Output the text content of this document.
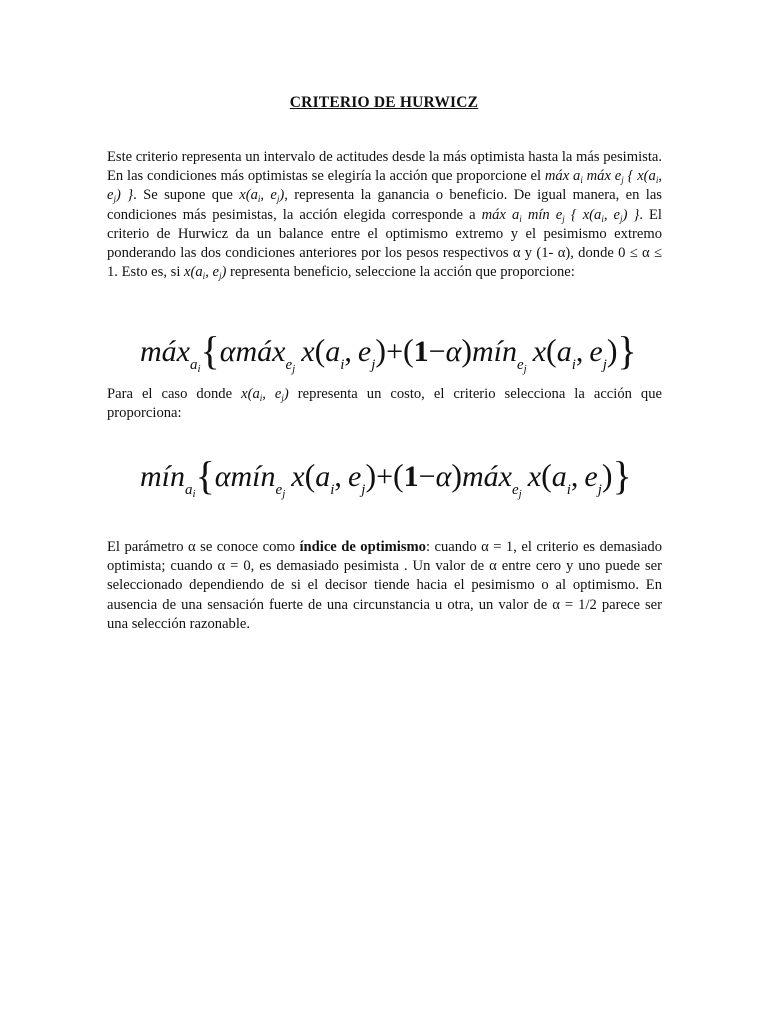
CRITERIO DE HURWICZ

Este criterio representa un intervalo de actitudes desde la más optimista hasta la más pesimista. En las condiciones más optimistas se elegiría la acción que proporcione el máx $a_i$ máx $e_j$ { $x(a_i$, $e_j$) }. Se supone que $x(a_i$, $e_j$), representa la ganancia o beneficio. De igual manera, en las condiciones más pesimistas, la acción elegida corresponde a máx $a_i$ mín $e_j$ { $x(a_i$, $e_j$) }. El criterio de Hurwicz da un balance entre el optimismo extremo y el pesimismo extremo ponderando las dos condiciones anteriores por los pesos respectivos α y (1- α), donde 0 ≤ α ≤ 1. Esto es, si $x(a_i$, $e_j$) representa beneficio, seleccione la acción que proporcione:

máx$_{a_i}${αmáx$_{e_j}$ $x(a_i$, $e_j)+(1-\alpha)mín_{e_j}$ $x(a_i$, $e_j$)}

Para el caso donde $x(a_i$, $e_j$) representa un costo, el criterio selecciona la acción que proporciona:

mín$_{a_i}${αmín$_{e_j}$ $x(a_i$, $e_j)+(1-\alpha)máx_{e_j}$ $x(a_i$, $e_j$)}

El parámetro α se conoce como índice de optimismo: cuando α = 1, el criterio es demasiado optimista; cuando α = 0, es demasiado pesimista . Un valor de α entre cero y uno puede ser seleccionado dependiendo de si el decisor tiende hacia el pesimismo o al optimismo. En ausencia de una sensación fuerte de una circunstancia u otra, un valor de α = 1/2 parece ser una selección razonable.
